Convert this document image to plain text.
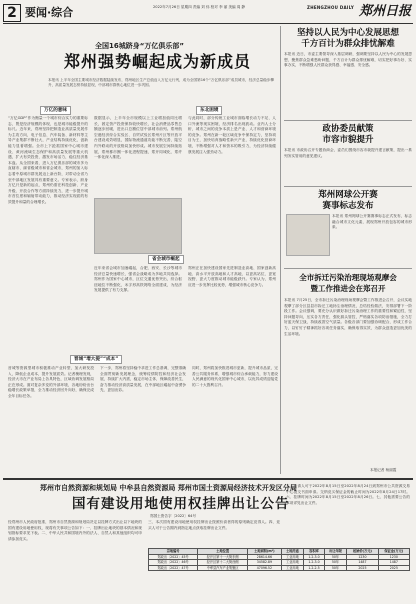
2 要闻·综合	2022年7月26日 星期四 责编 刘 伟 校对 李 丽 美编 周 静	ZHENGZHOU DAILY 郑州日报
全国16城跻身“万亿俱乐部”
郑州强势崛起成为新成员
本报讯 上半年全国主要城市经济数据陆续发布，郑州地区生产总值迈入万亿元行列，成为全国第16个“万亿俱乐部”成员城市，经济总量稳步攀升，高质量发展态势持续显现，中部城市群核心地位进一步巩固。
万亿的意味	东北困境
省会城市崛起
晋城“增大提”“成本”
“万亿GDP”作为衡量一个城市综合实力的重要标志，既是经济规模的体现，也是城市能级提升的标尺。近年来，郑州坚持把制造业高质量发展作为主攻方向，电子信息、汽车装备、新材料等主导产业集群不断壮大，产业结构持续优化，创新能力显著增强。全市上下抢抓国家中心城市建设、黄河流域生态保护和高质量发展等重大机遇，扩大有效投资，激发市场活力，稳住经济基本盘。从全国来看，进入万亿俱乐部的城市多为直辖市、副省级城市和省会城市，郑州的加入标志着中原城市群发展迈上新台阶，对带动全省乃至中部地区发展具有重要意义。专家表示，跻身万亿只是新的起点，郑州仍需在科技创新、产业升级、开放合作等方面持续发力，进一步提升城市首位度和辐射带动能力，推动经济实现质的有效提升和量的合理增长。
数据显示，上半年全市规模以上工业增加值同比增长，固定资产投资保持较快增长，社会消费品零售总额逐步回暖，进出口总额位居中部城市前列。郑州航空港经济综合实验区、自贸试验区郑州片区等开放平台建设成效明显，国际物流通道功能不断完善，陆空内外联动的开放格局加快形成。城市发展空间持续拓展，郑州都市圈一体化进程提速，郑开同城化、郑许一体化深入推进。
与此同时，部分传统工业城市面临增长动力不足、人口外流等现实困境，经济排名出现波动。业内人士分析，城市之间的竞争本质上是产业、人才和营商环境的竞争。郑州在新一轮区域竞争中保持定力，坚持项目为王，加快培育战略性新兴产业，持续优化营商环境，不断增强对人才和资本的吸引力，为经济持续健康发展注入强劲动力。
近年来省会城市加速崛起，合肥、西安、长沙等城市经济总量快速增长，强省会战略成为多地共同选择。郑州作为国家中心城市，区位交通优势突出，综合枢纽地位不断强化，米字形高铁网络全面建成，为经济发展提供了有力支撑。
郑州正在加快建设国家先进制造业高地、国家创新高地、高水平开放高地和人才高地，以更高站位、更宽视野、更大力度推动城市能级跃升。专家认为，郑州应进一步发挥比较优势，增强城市核心竞争力。
晋城等资源型城市积极推动产业转型，加大研发投入，降低企业成本，提升发展质效。记者梳理发现，经济大市在产业布局上各具特色，区域协调发展格局正在形成。面对复杂多变的外部环境，各地纷纷出台稳增长政策举措，全力推动经济回升向好，确保完成全年目标任务。
下一步，郑州将坚持稳中求进工作总基调，完整准确全面贯彻新发展理念，统筹疫情防控和经济社会发展，持续扩大内需，稳定市场主体，保障改善民生，奋力推动经济高质量发展，在中部地区崛起中奋勇争先、更加出彩。
同时，郑州将加快推进城市更新，提升城市品质，完善公共服务体系，增强城市综合承载能力，努力建设人民满意的现代化国家中心城市，以优异成绩迎接党的二十大胜利召开。
坚持以人民为中心发展思想
千方百计为群众排忧解难
本报讯 近日，市委主要领导深入基层调研，强调要坚持以人民为中心的发展思想，聚焦群众急难愁盼问题，千方百计为群众排忧解难，切实把好事办好、实事办实，不断增强人民群众获得感、幸福感、安全感。
政协委员献策
市容市貌提升
本报讯 市政协召开专题协商会，委员们围绕市容市貌提升建言献策，提出一系列务实管用的意见建议。
郑州网球公开赛
赛事标志发布
本报讯 郑州网球公开赛赛事标志正式发布，标志融合城市文化元素，展现郑州开放包容的城市形象。
全市拆迁污染治理现场观摩会
暨工作推进会在郑召开
本报讯 7月25日，全市拆迁污染治理现场观摩会暨工作推进会召开，会议实地观摩了部分区县县市拆迁工地扬尘治理情况，总结经验做法，安排部署下一阶段工作。会议强调，要充分认识做好拆迁污染治理工作的重要性和紧迫性，坚持问题导向，压实各方责任，强化源头管控，严格落实各项防治措施，全力打好蓝天保卫战，持续改善空气质量。各级各部门要加强协调配合，形成工作合力，以钉钉子精神抓好各项任务落实，确保取得实效，为群众创造更加优美的生活环境。
本报记者 杨丽霞
郑州市自然资源和规划局 中牟县自然资源局 郑州市国土资源局经济技术开发区分局
国有建设用地使用权挂牌出让公告
郑国土资告字〔2022〕64号
经郑州市人民政府批准，郑州市自然资源和规划局决定以挂牌方式出让以下地块的国有建设用地使用权，现将有关事项公告如下：一、挂牌出让地块的基本情况和规划指标要求见下表。二、中华人民共和国境内外的法人、自然人和其他组织均可申请参加竞买。
三、本次国有建设用地使用权挂牌出让按照价高者得的原则确定竞得人。四、竞买人可于公告期内到指定地点获取挂牌出让文件。
五、申请人可于2022年8月15日至2022年8月24日到郑州市公共资源交易中心提交书面申请。交纳竞买保证金的截止时间为2022年8月24日17时。六、挂牌时间为2022年8月15日至2022年8月26日。七、其他需要公告的事项详见出让文件。
宗地编号	土地位置	土地面积(m²)	土地用途	容积率	出让年限	起始价(万元)	保证金(万元)
郑政出〔2022〕45号	经开区第十一大街东侧	28614.66	工业用地	1.2-3.0	50年	1230	1230
郑政出〔2022〕46号	经开区第十二大街西侧	34582.89	工业用地	1.2-3.0	50年	1487	1487
郑政出〔2022〕47号	中牟县汽车产业集聚区	47096.52	工业用地	1.2-2.5	50年	2025	2025
